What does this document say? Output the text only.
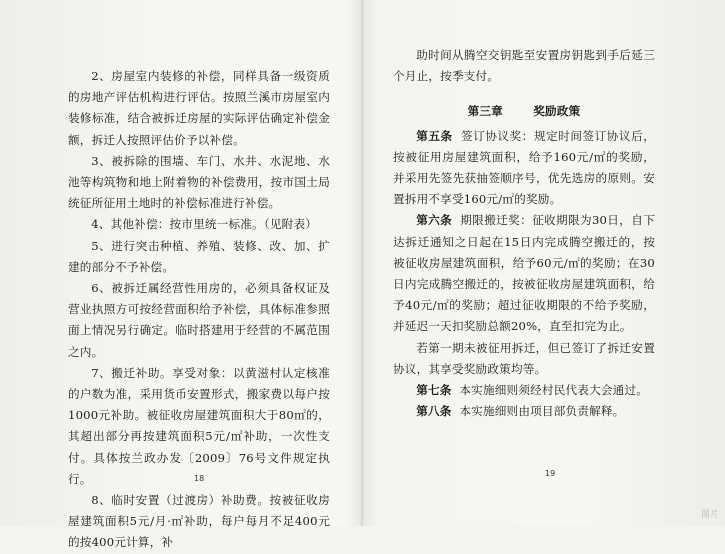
2、房屋室内装修的补偿，同样具备一级资质的房地产评估机构进行评估。按照兰溪市房屋室内装修标准，结合被拆迁房屋的实际评估确定补偿金额，拆迁人按照评估价予以补偿。

3、被拆除的围墙、车门、水井、水泥地、水池等构筑物和地上附着物的补偿费用，按市国土局统征所征用土地时的补偿标准进行补偿。

4、其他补偿：按市里统一标准。（见附表）

5、进行突击种植、养殖、装修、改、加、扩建的部分不予补偿。

6、被拆迁属经营性用房的，必须具备权证及营业执照方可按经营面积给予补偿，具体标准参照面上情况另行确定。临时搭建用于经营的不属范围之内。

7、搬迁补助。享受对象：以黄滋村认定核准的户数为准，采用货币安置形式，搬家费以每户按1000元补助。被征收房屋建筑面积大于80㎡的，其超出部分再按建筑面积5元/㎡补助，一次性支付。具体按兰政办发〔2009〕76号文件规定执行。

8、临时安置（过渡房）补助费。按被征收房屋建筑面积5元/月·㎡补助，每户每月不足400元的按400元计算，补

18

助时间从腾空交钥匙至安置房钥匙到手后延三个月止，按季支付。

第三章	奖励政策

第五条 签订协议奖：规定时间签订协议后，按被征用房屋建筑面积，给予160元/㎡的奖励，并采用先签先获抽签顺序号，优先选房的原则。安置拆用不享受160元/㎡的奖励。

第六条 期限搬迁奖：征收期限为30日，自下达拆迁通知之日起在15日内完成腾空搬迁的，按被征收房屋建筑面积，给予60元/㎡的奖励；在30日内完成腾空搬迁的，按被征收房屋建筑面积，给予40元/㎡的奖励；超过征收期限的不给予奖励，并延迟一天扣奖励总额20%，直至扣完为止。

若第一期未被征用拆迁，但已签订了拆迁安置协议，其享受奖励政策均等。

第七条 本实施细则须经村民代表大会通过。

第八条 本实施细则由项目部负责解释。

19
图片
